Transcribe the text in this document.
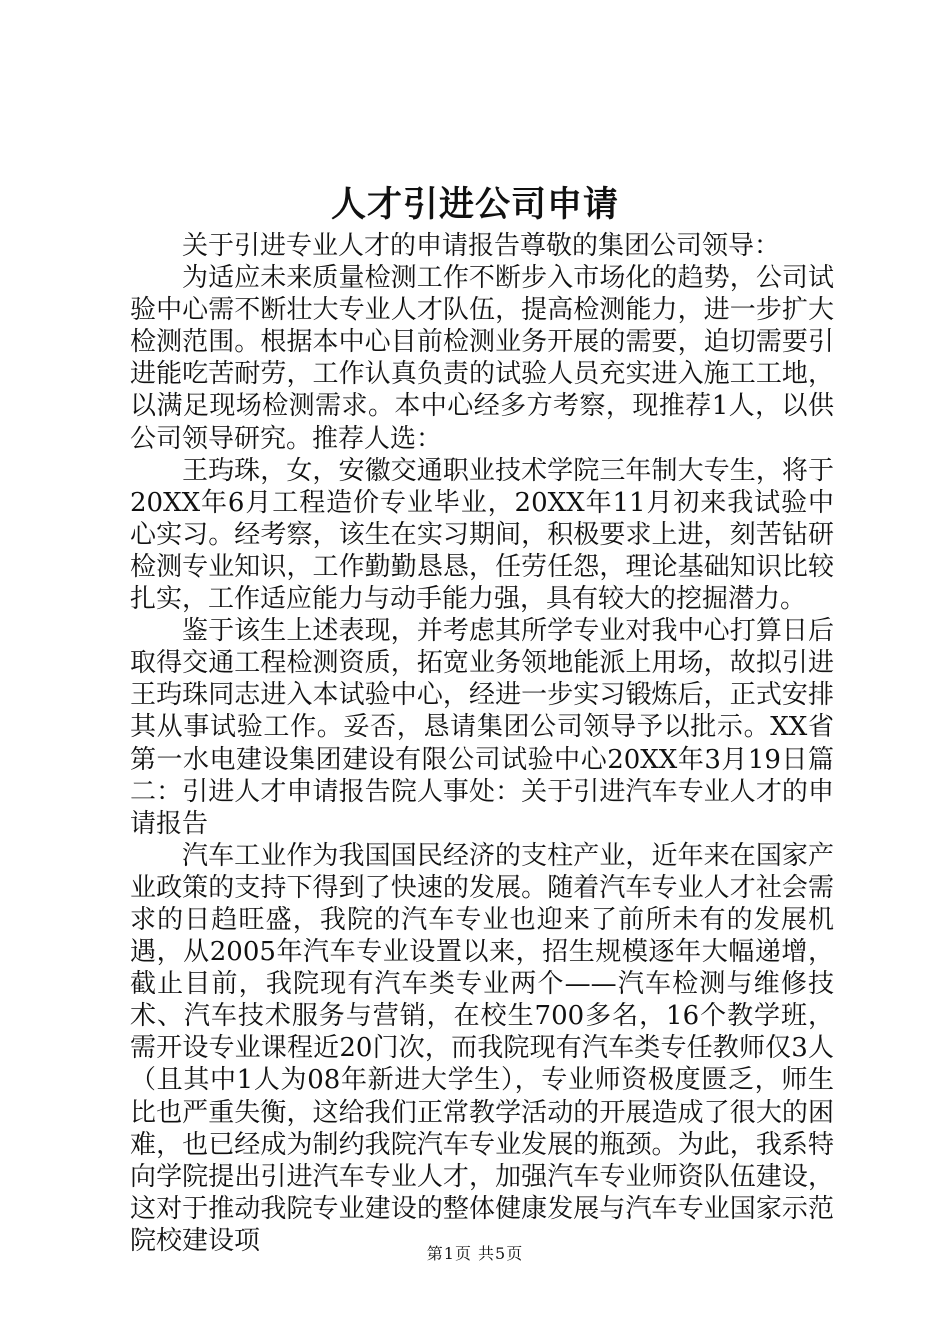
人才引进公司申请

关于引进专业人才的申请报告尊敬的集团公司领导：

为适应未来质量检测工作不断步入市场化的趋势，公司试验中心需不断壮大专业人才队伍，提高检测能力，进一步扩大检测范围。根据本中心目前检测业务开展的需要，迫切需要引进能吃苦耐劳，工作认真负责的试验人员充实进入施工工地，以满足现场检测需求。本中心经多方考察，现推荐1人，以供公司领导研究。推荐人选：

王玙珠，女，安徽交通职业技术学院三年制大专生，将于20XX年6月工程造价专业毕业，20XX年11月初来我试验中心实习。经考察，该生在实习期间，积极要求上进，刻苦钻研检测专业知识，工作勤勤恳恳，任劳任怨，理论基础知识比较扎实，工作适应能力与动手能力强，具有较大的挖掘潜力。

鉴于该生上述表现，并考虑其所学专业对我中心打算日后取得交通工程检测资质，拓宽业务领地能派上用场，故拟引进王玙珠同志进入本试验中心，经进一步实习锻炼后，正式安排其从事试验工作。妥否，恳请集团公司领导予以批示。XX省第一水电建设集团建设有限公司试验中心20XX年3月19日篇二：引进人才申请报告院人事处：关于引进汽车专业人才的申请报告

汽车工业作为我国国民经济的支柱产业，近年来在国家产业政策的支持下得到了快速的发展。随着汽车专业人才社会需求的日趋旺盛，我院的汽车专业也迎来了前所未有的发展机遇，从2005年汽车专业设置以来，招生规模逐年大幅递增，截止目前，我院现有汽车类专业两个——汽车检测与维修技术、汽车技术服务与营销，在校生700多名，16个教学班，需开设专业课程近20门次，而我院现有汽车类专任教师仅3人（且其中1人为08年新进大学生），专业师资极度匮乏，师生比也严重失衡，这给我们正常教学活动的开展造成了很大的困难，也已经成为制约我院汽车专业发展的瓶颈。为此，我系特向学院提出引进汽车专业人才，加强汽车专业师资队伍建设，这对于推动我院专业建设的整体健康发展与汽车专业国家示范院校建设项	第1页 共5页
